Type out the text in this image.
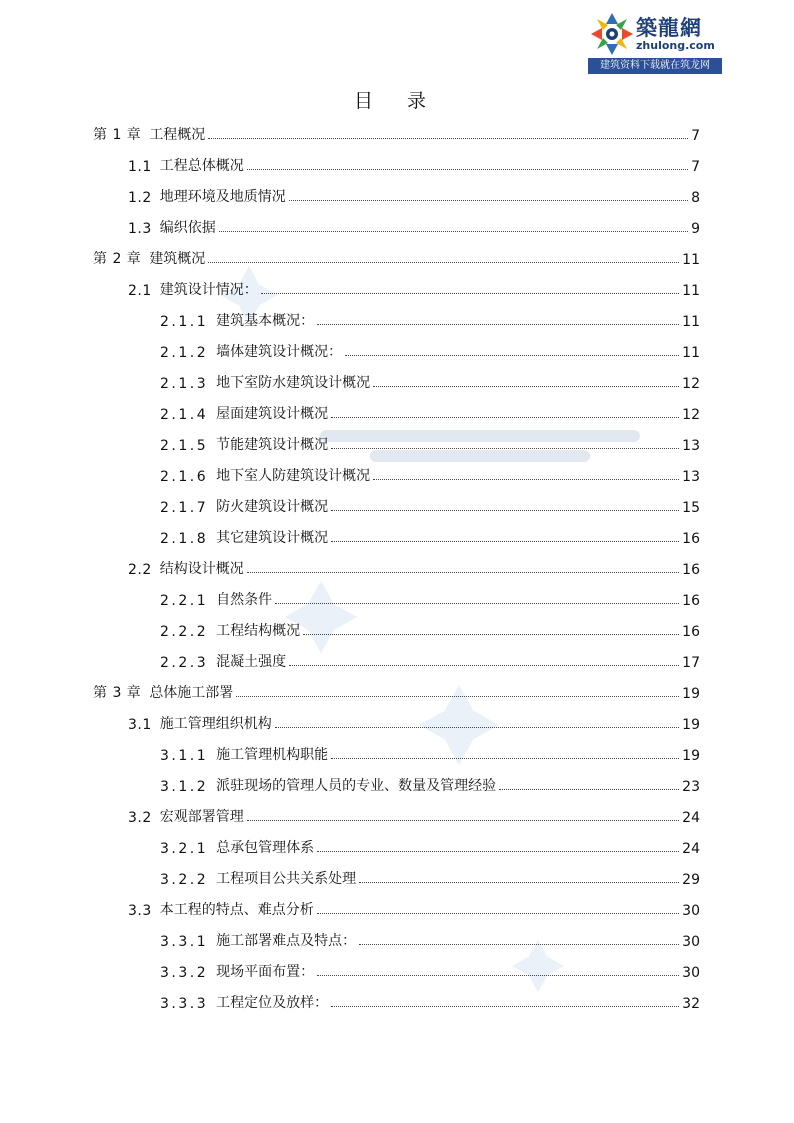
築龍網
zhulong.com
建筑资料下载就在筑龙网
目 录
第 1 章 工程概况	7
1.1 工程总体概况	7
1.2 地理环境及地质情况	8
1.3 编织依据	9
第 2 章 建筑概况	11
2.1 建筑设计情况：	11
2.1.1 建筑基本概况：	11
2.1.2 墙体建筑设计概况：	11
2.1.3 地下室防水建筑设计概况	12
2.1.4 屋面建筑设计概况	12
2.1.5 节能建筑设计概况	13
2.1.6 地下室人防建筑设计概况	13
2.1.7 防火建筑设计概况	15
2.1.8 其它建筑设计概况	16
2.2 结构设计概况	16
2.2.1 自然条件	16
2.2.2 工程结构概况	16
2.2.3 混凝土强度	17
第 3 章 总体施工部署	19
3.1 施工管理组织机构	19
3.1.1 施工管理机构职能	19
3.1.2 派驻现场的管理人员的专业、数量及管理经验	23
3.2 宏观部署管理	24
3.2.1 总承包管理体系	24
3.2.2 工程项目公共关系处理	29
3.3 本工程的特点、难点分析	30
3.3.1 施工部署难点及特点：	30
3.3.2 现场平面布置：	30
3.3.3 工程定位及放样：	32
